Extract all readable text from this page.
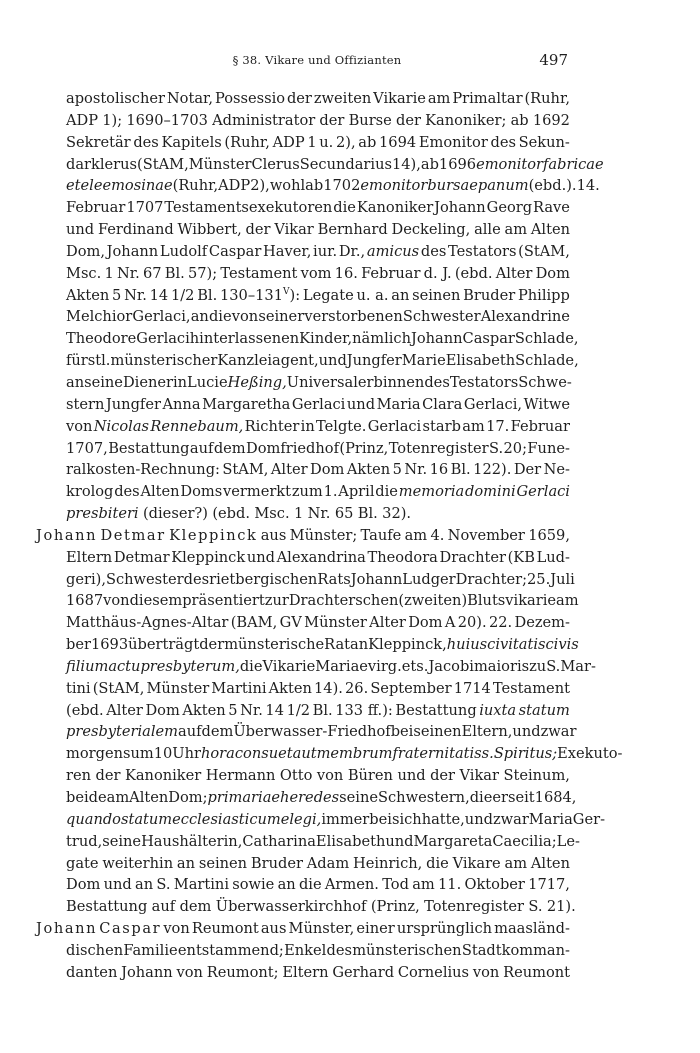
§ 38. Vikare und Offizianten	497
apostolischer Notar, Possessio der zweiten Vikarie am Primaltar (Ruhr,
ADP 1); 1690–1703 Administrator der Burse der Kanoniker; ab 1692
Sekretär des Kapitels (Ruhr, ADP 1 u. 2), ab 1694 Emonitor des Sekun-
darklerus (StAM, Münster Clerus Secundarius 14), ab 1696 emonitor fabricae
et eleemosinae (Ruhr, ADP 2), wohl ab 1702 emonitor bursae panum (ebd.). 14.
Februar 1707 Testamentsexekutoren die Kanoniker Johann Georg Rave
und Ferdinand Wibbert, der Vikar Bernhard Deckeling, alle am Alten
Dom, Johann Ludolf Caspar Haver, iur. Dr., amicus des Testators (StAM,
Msc. 1 Nr. 67 Bl. 57); Testament vom 16. Februar d. J. (ebd. Alter Dom
Akten 5 Nr. 14 1/2 Bl. $130-131^V$): Legate u. a. an seinen Bruder Philipp
Melchior Gerlaci, an die von seiner verstorbenen Schwester Alexandrine
Theodore Gerlaci hinterlassenen Kinder, nämlich Johann Caspar Schlade,
fürstl. münsterischer Kanzleiagent, und Jungfer Marie Elisabeth Schlade,
an seine Dienerin Lucie Heßing, Universalerbinnen des Testators Schwe-
stern Jungfer Anna Margaretha Gerlaci und Maria Clara Gerlaci, Witwe
von Nicolas Rennebaum, Richter in Telgte. Gerlaci starb am 17. Februar
1707, Bestattung auf dem Domfriedhof (Prinz, Totenregister S. 20; Fune-
ralkosten-Rechnung: StAM, Alter Dom Akten 5 Nr. 16 Bl. 122). Der Ne-
krolog des Alten Doms vermerkt zum 1. April die memoria domini Gerlaci
presbiteri (dieser?) (ebd. Msc. 1 Nr. 65 Bl. 32).
Johann Detmar Kleppinck aus Münster; Taufe am 4. November 1659,
Eltern Detmar Kleppinck und Alexandrina Theodora Drachter (KB Lud-
geri), Schwester des rietbergischen Rats Johann Ludger Drachter; 25. Juli
1687 von diesem präsentiert zur Drachterschen (zweiten) Blutsvikarie am
Matthäus-Agnes-Altar (BAM, GV Münster Alter Dom A 20). 22. Dezem-
ber 1693 überträgt der münsterische Rat an Kleppinck, huius civitatis civis
filium actu presbyterum, die Vikarie Mariae virg. et s. Jacobi maioris zu S. Mar-
tini (StAM, Münster Martini Akten 14). 26. September 1714 Testament
(ebd. Alter Dom Akten 5 Nr. 14 1/2 Bl. 133 ff.): Bestattung iuxta statum
presbyterialem auf dem Überwasser-Friedhof bei seinen Eltern, und zwar
morgens um 10 Uhr hora consueta ut membrum fraternitatis s. Spiritus; Exekuto-
ren der Kanoniker Hermann Otto von Büren und der Vikar Steinum,
beide am Alten Dom; primariae heredes seine Schwestern, die er seit 1684,
quando statum ecclesiasticum elegi, immer bei sich hatte, und zwar Maria Ger-
trud, seine Haushälterin, Catharina Elisabeth und Margareta Caecilia; Le-
gate weiterhin an seinen Bruder Adam Heinrich, die Vikare am Alten
Dom und an S. Martini sowie an die Armen. Tod am 11. Oktober 1717,
Bestattung auf dem Überwasserkirchhof (Prinz, Totenregister S. 21).
Johann Caspar von Reumont aus Münster, einer ursprünglich maasländ-
dischen Familie entstammend; Enkel des münsterischen Stadtkomman-
danten Johann von Reumont; Eltern Gerhard Cornelius von Reumont
